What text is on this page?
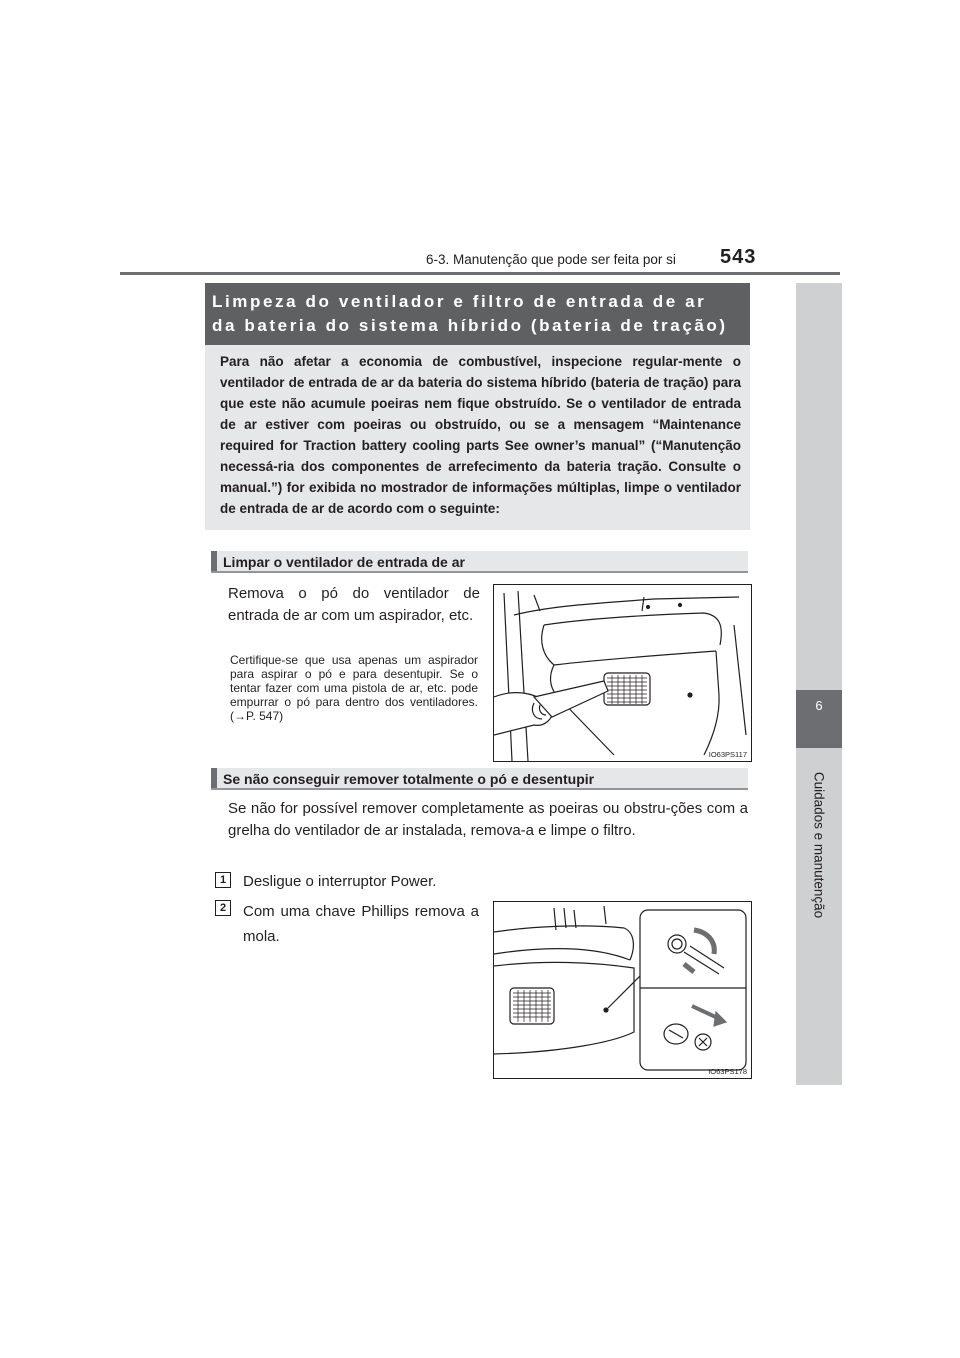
6-3. Manutenção que pode ser feita por si	543
6
Cuidados e manutenção
Para não afetar a economia de combustível, inspecione regular-mente o ventilador de entrada de ar da bateria do sistema híbrido (bateria de tração) para que este não acumule poeiras nem fique obstruído. Se o ventilador de entrada de ar estiver com poeiras ou obstruído, ou se a mensagem “Maintenance required for Traction battery cooling parts See owner’s manual” (“Manutenção necessá-ria dos componentes de arrefecimento da bateria tração. Consulte o manual.”) for exibida no mostrador de informações múltiplas, limpe o ventilador de entrada de ar de acordo com o seguinte:
Limpeza do ventilador e filtro de entrada de ar
da bateria do sistema híbrido (bateria de tração)
Limpar o ventilador de entrada de ar
Remova o pó do ventilador de entrada de ar com um aspirador, etc.
Certifique-se que usa apenas um aspirador para aspirar o pó e para desentupir. Se o tentar fazer com uma pistola de ar, etc. pode empurrar o pó para dentro dos ventiladores.(→P. 547)
IO63PS117
Se não conseguir remover totalmente o pó e desentupir
Se não for possível remover completamente as poeiras ou obstru-ções com a grelha do ventilador de ar instalada, remova-a e limpe o filtro.
1	Desligue o interruptor Power.
2	Com uma chave Phillips remova a mola.
IO63PS178
